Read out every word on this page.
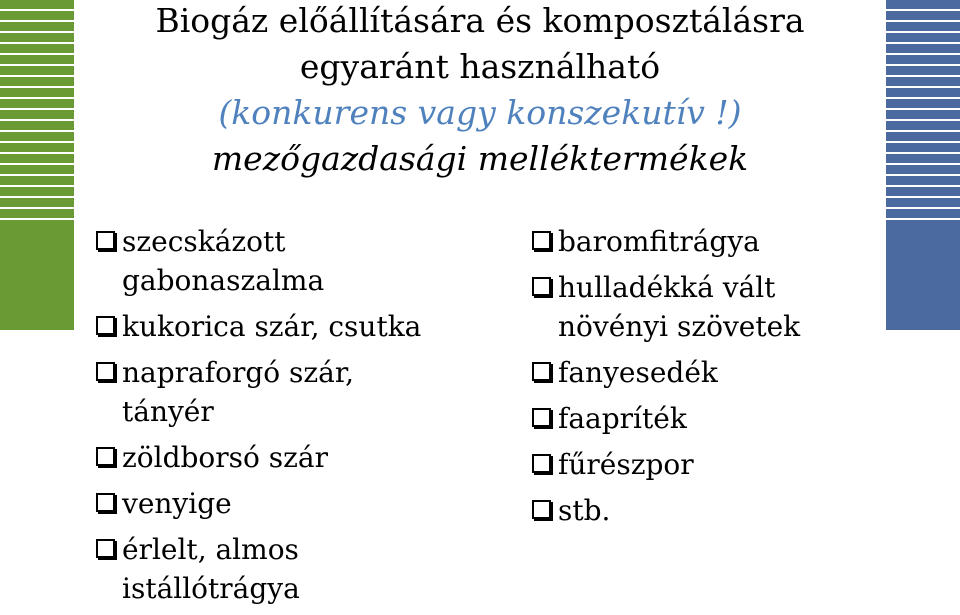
Biogáz előállítására és komposztálásra
egyaránt használható
(konkurens vagy konszekutív !)
mezőgazdasági melléktermékek
szecskázott
gabonaszalma
kukorica szár, csutka
napraforgó szár,
tányér
zöldborsó szár
venyige
érlelt, almos
istállótrágya
baromfitrágya
hulladékká vált
növényi szövetek
fanyesedék
faapríték
fűrészpor
stb.
